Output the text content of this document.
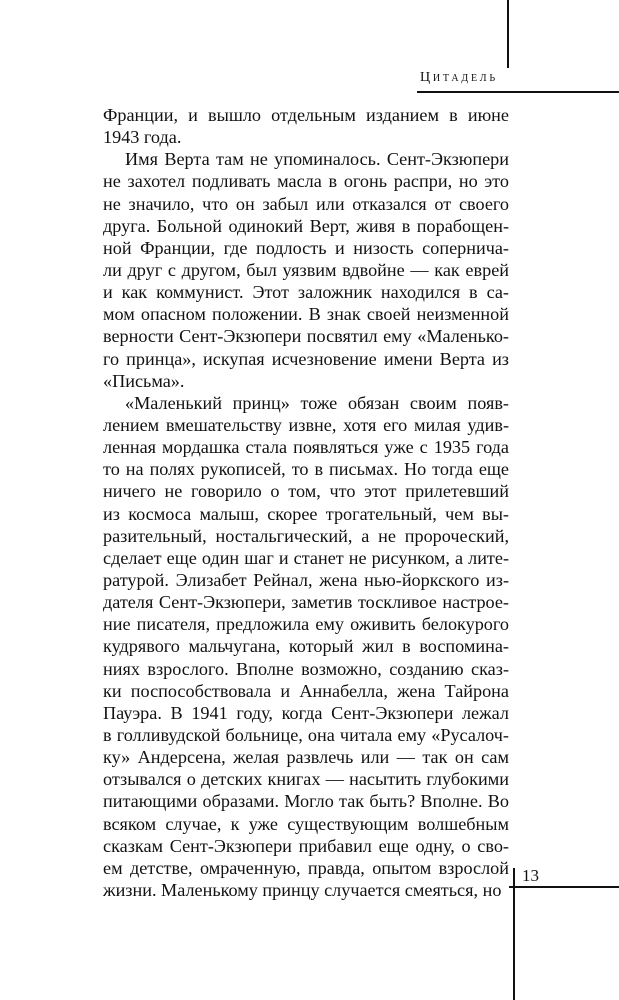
Цитадель
Франции, и вышло отдельным изданием в июне
1943 года.
Имя Верта там не упоминалось. Сент-Экзюпери
не захотел подливать масла в огонь распри, но это
не значило, что он забыл или отказался от своего
друга. Больной одинокий Верт, живя в порабощен-
ной Франции, где подлость и низость соперничa-
ли друг с другом, был уязвим вдвойне — как еврей
и как коммунист. Этот заложник находился в са-
мом опасном положении. В знак своей неизменной
верности Сент-Экзюпери посвятил ему «Маленько-
го принца», искупая исчезновение имени Верта из
«Письма».
«Маленький принц» тоже обязан своим появ-
лением вмешательству извне, хотя его милая удив-
ленная мордашка стала появляться уже с 1935 года
то на полях рукописей, то в письмах. Но тогда еще
ничего не говорило о том, что этот прилетевший
из космоса малыш, скорее трогательный, чем вы-
разительный, ностальгический, а не пророческий,
сделает еще один шаг и станет не рисунком, а лите-
ратурой. Элизабет Рейнал, жена нью-йоркского из-
дателя Сент-Экзюпери, заметив тоскливое настрое-
ние писателя, предложила ему оживить белокурого
кудрявого мальчугана, который жил в воспомина-
ниях взрослого. Вполне возможно, созданию сказ-
ки поспособствовала и Аннабелла, жена Тайрона
Пауэра. В 1941 году, когда Сент-Экзюпери лежал
в голливудской больнице, она читала ему «Русалоч-
ку» Андерсена, желая развлечь или — так он сам
отзывался о детских книгах — насытить глубокими
питающими образами. Могло так быть? Вполне. Во
всяком случае, к уже существующим волшебным
сказкам Сент-Экзюпери прибавил еще одну, о сво-
ем детстве, омраченную, правда, опытом взрослой
жизни. Маленькому принцу случается смеяться, но
13
